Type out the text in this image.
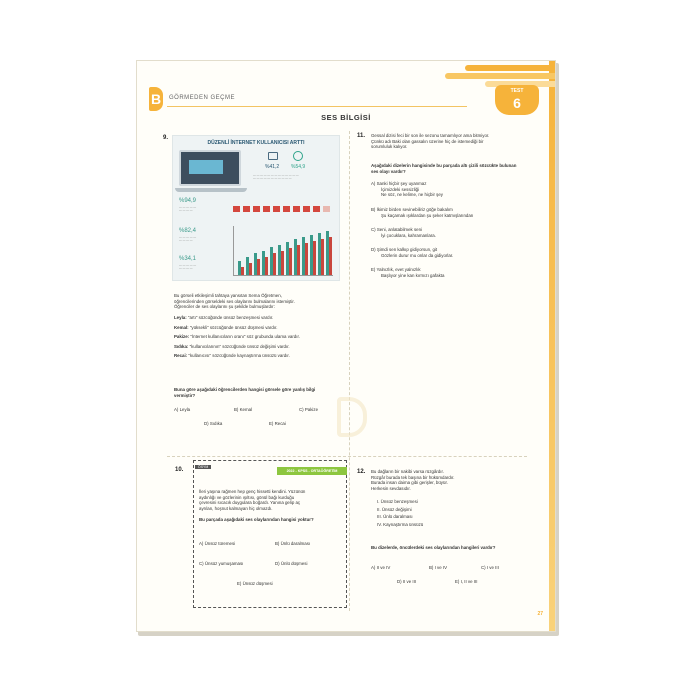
B	GÖRMEDEN GEÇME
TEST
6
SES BİLGİSİ
9.
DÜZENLİ İNTERNET KULLANICISI ARTTI
%41,2 %54,9
— — — — — — — — — — — — —
— — — — — — — — — — —
%94,9
— — — — —
— — — —
%82,4
— — — — —
— — — —
%34,1
— — — — —
— — — —
Bu görseli etkileşimli tahtaya yansıtan Sema Öğretmen,
öğrencilerinden görseldeki ses olaylarını bulmalarını istemiştir.
Öğrenciler de ses olaylarını şu şekilde bulmuşlardır:
Leyla: "artı" sözcüğünde ünsüz benzeşmesi vardır.
Kemal: "yüksekli" sözcüğünde ünsüz düşmesi vardır.
Pakize: "İnternet kullanıcıların oranı" söz grubunda ulama vardır.
Sıdıka: "kullanıcılarının" sözcüğünde ünsüz değişimi vardır.
Recai: "kullanıcısı" sözcüğünde kaynaştırma ünsüzü vardır.
Buna göre aşağıdaki öğrencilerden hangisi görsele göre yanlış bilgi vermiştir?
A) Leyla	B) Kemal	C) Pakize
D) Sıdıka	E) Recai
11. Gessal dizisi feci bir son ile sezonu tamamlıyor ama bitmiyor.
Çünkü adı Baki olan gassalın üzerine hiç de istemediği bir
sorumluluk kalıyor.
Aşağıdaki dizelerin hangisinde bu parçada altı çizili sözcükte bulunan ses olayı vardır?
A) Sanki hiçbir şey uyanmaz
İçimizdeki sessizliği
Ne söz, ne kelime, ne hiçbir şey
B) İkimiz birden sevinebiliriz göğe bakalım
Şu kaçamak ışıklardan şu şeker katmışlarından
C) Seni, anlatabilmek seni
İyi çocuklara, kahramanlara.
D) Şimdi sen kalkıp gidiyorsun, git
Gözlerin durur mu onlar da gidiyorlar.
E) Yalnızlık, evet yalnızlık
Başlıyor yine kan kırmızı gafakta
10.	ÖSYM
2022 - KPSS - ORTAÖĞRETİM
İleri yaşına rağmen hep genç hissetti kendini. Yüzünün
aydınlığı ve gözlerinin ışıltısı, gönül bağı kurduğu
çevresini sıcacık duygulara boğardı. Yanına gelip aç
ayrılan, hoşnut kalmayan hiç olmazdı.
Bu parçada aşağıdaki ses olaylarından hangisi yoktur?
A) Ünsüz türemesi	B) Ünlü daralması
C) Ünsüz yumuşaması	D) Ünlü düşmesi
E) Ünsüz düşmesi
12. Bu dağların bir nakibi varsa rüzgârdır.
Rüzgâr burada tek başına bir hükümdardır.
Burada insan daima gibi gerişler, büyür.
Herkesin sevdasıdır.
I. Ünsüz benzeşmesi
II. Ünsüz değişimi
III. Ünlü daralması
IV. Kaynaştırma ünsüzü
Bu dizelerde, öncülerdeki ses olaylarından hangileri vardır?
A) II ve IV	B) I ve IV	C) I ve III
D) II ve III	E) I, II ve III
27
